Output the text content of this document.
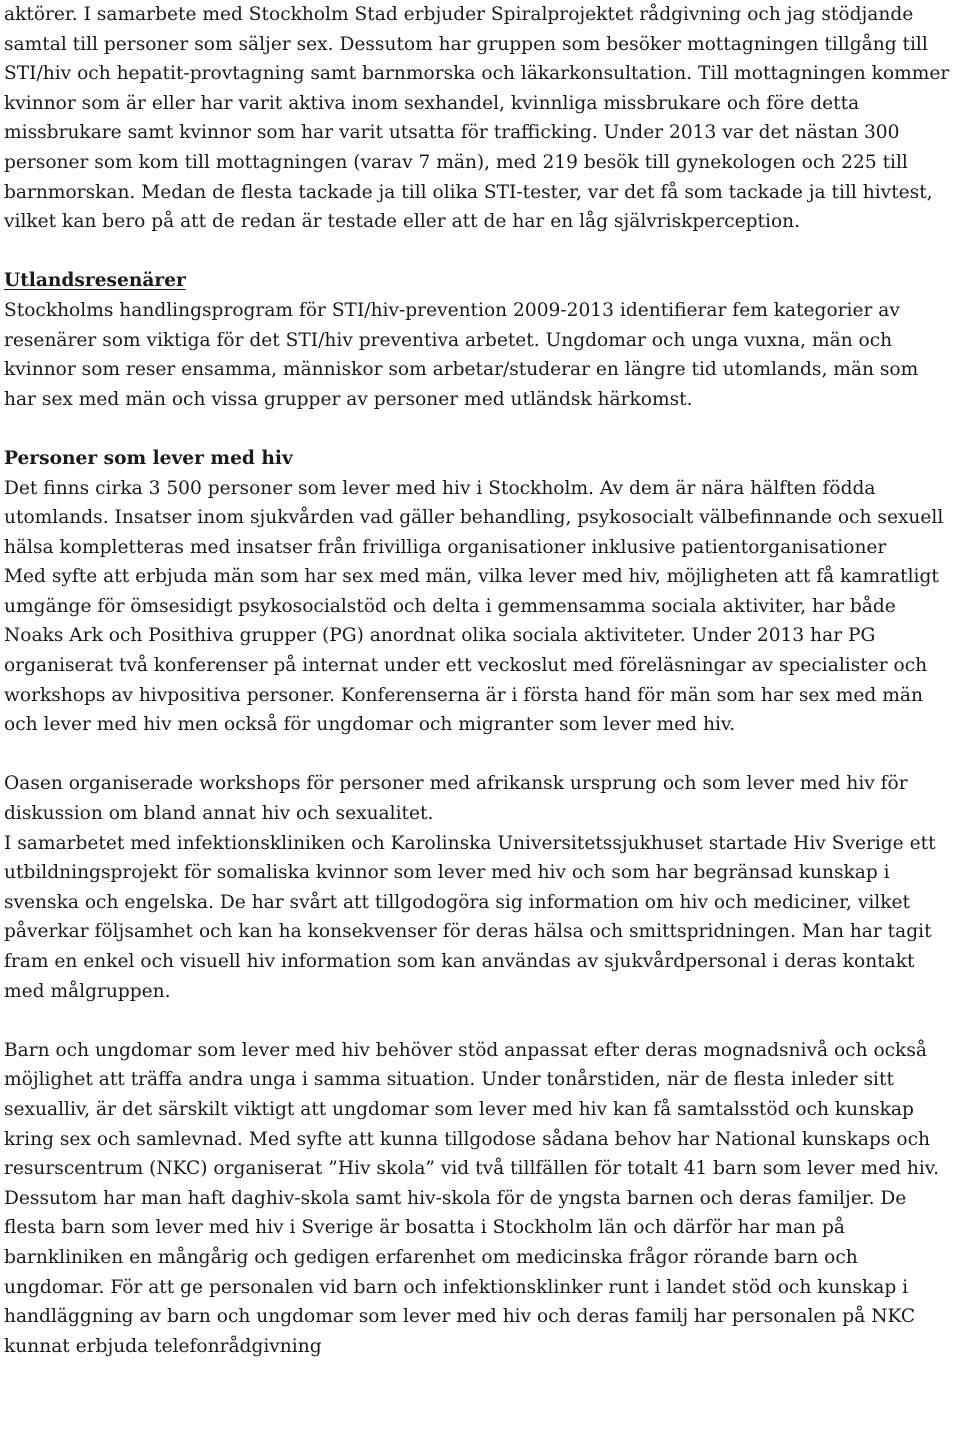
aktörer. I samarbete med Stockholm Stad erbjuder Spiralprojektet rådgivning och jag stödjande samtal till personer som säljer sex. Dessutom har gruppen som besöker mottagningen tillgång till STI/hiv och hepatit-provtagning samt barnmorska och läkarkonsultation. Till mottagningen kommer kvinnor som är eller har varit aktiva inom sexhandel, kvinnliga missbrukare och före detta missbrukare samt kvinnor som har varit utsatta för trafficking. Under 2013 var det nästan 300 personer som kom till mottagningen (varav 7 män), med 219 besök till gynekologen och 225 till barnmorskan. Medan de flesta tackade ja till olika STI-tester, var det få som tackade ja till hivtest, vilket kan bero på att de redan är testade eller att de har en låg självriskperception.

Utlandsresenärer

Stockholms handlingsprogram för STI/hiv-prevention 2009-2013 identifierar fem kategorier av resenärer som viktiga för det STI/hiv preventiva arbetet. Ungdomar och unga vuxna, män och kvinnor som reser ensamma, människor som arbetar/studerar en längre tid utomlands, män som har sex med män och vissa grupper av personer med utländsk härkomst.

Personer som lever med hiv

Det finns cirka 3 500 personer som lever med hiv i Stockholm. Av dem är nära hälften födda utomlands. Insatser inom sjukvården vad gäller behandling, psykosocialt välbefinnande och sexuell hälsa kompletteras med insatser från frivilliga organisationer inklusive patientorganisationer

Med syfte att erbjuda män som har sex med män, vilka lever med hiv, möjligheten att få kamratligt umgänge för ömsesidigt psykosocialstöd och delta i gemmensamma sociala aktiviter, har både Noaks Ark och Posithiva grupper (PG) anordnat olika sociala aktiviteter. Under 2013 har PG organiserat två konferenser på internat under ett veckoslut med föreläsningar av specialister och workshops av hivpositiva personer. Konferenserna är i första hand för män som har sex med män och lever med hiv men också för ungdomar och migranter som lever med hiv.

Oasen organiserade workshops för personer med afrikansk ursprung och som lever med hiv för diskussion om bland annat hiv och sexualitet.

I samarbetet med infektionskliniken och Karolinska Universitetssjukhuset startade Hiv Sverige ett utbildningsprojekt för somaliska kvinnor som lever med hiv och som har begränsad kunskap i svenska och engelska. De har svårt att tillgodogöra sig information om hiv och mediciner, vilket påverkar följsamhet och kan ha konsekvenser för deras hälsa och smittspridningen. Man har tagit fram en enkel och visuell hiv information som kan användas av sjukvårdpersonal i deras kontakt med målgruppen.

Barn och ungdomar som lever med hiv behöver stöd anpassat efter deras mognadsnivå och också möjlighet att träffa andra unga i samma situation. Under tonårstiden, när de flesta inleder sitt sexualliv, är det särskilt viktigt att ungdomar som lever med hiv kan få samtalsstöd och kunskap kring sex och samlevnad. Med syfte att kunna tillgodose sådana behov har National kunskaps och resurscentrum (NKC) organiserat ”Hiv skola” vid två tillfällen för totalt 41 barn som lever med hiv. Dessutom har man haft daghiv-skola samt hiv-skola för de yngsta barnen och deras familjer. De flesta barn som lever med hiv i Sverige är bosatta i Stockholm län och därför har man på barnkliniken en mångårig och gedigen erfarenhet om medicinska frågor rörande barn och ungdomar. För att ge personalen vid barn och infektionsklinker runt i landet stöd och kunskap i handläggning av barn och ungdomar som lever med hiv och deras familj har personalen på NKC kunnat erbjuda telefonrådgivning
